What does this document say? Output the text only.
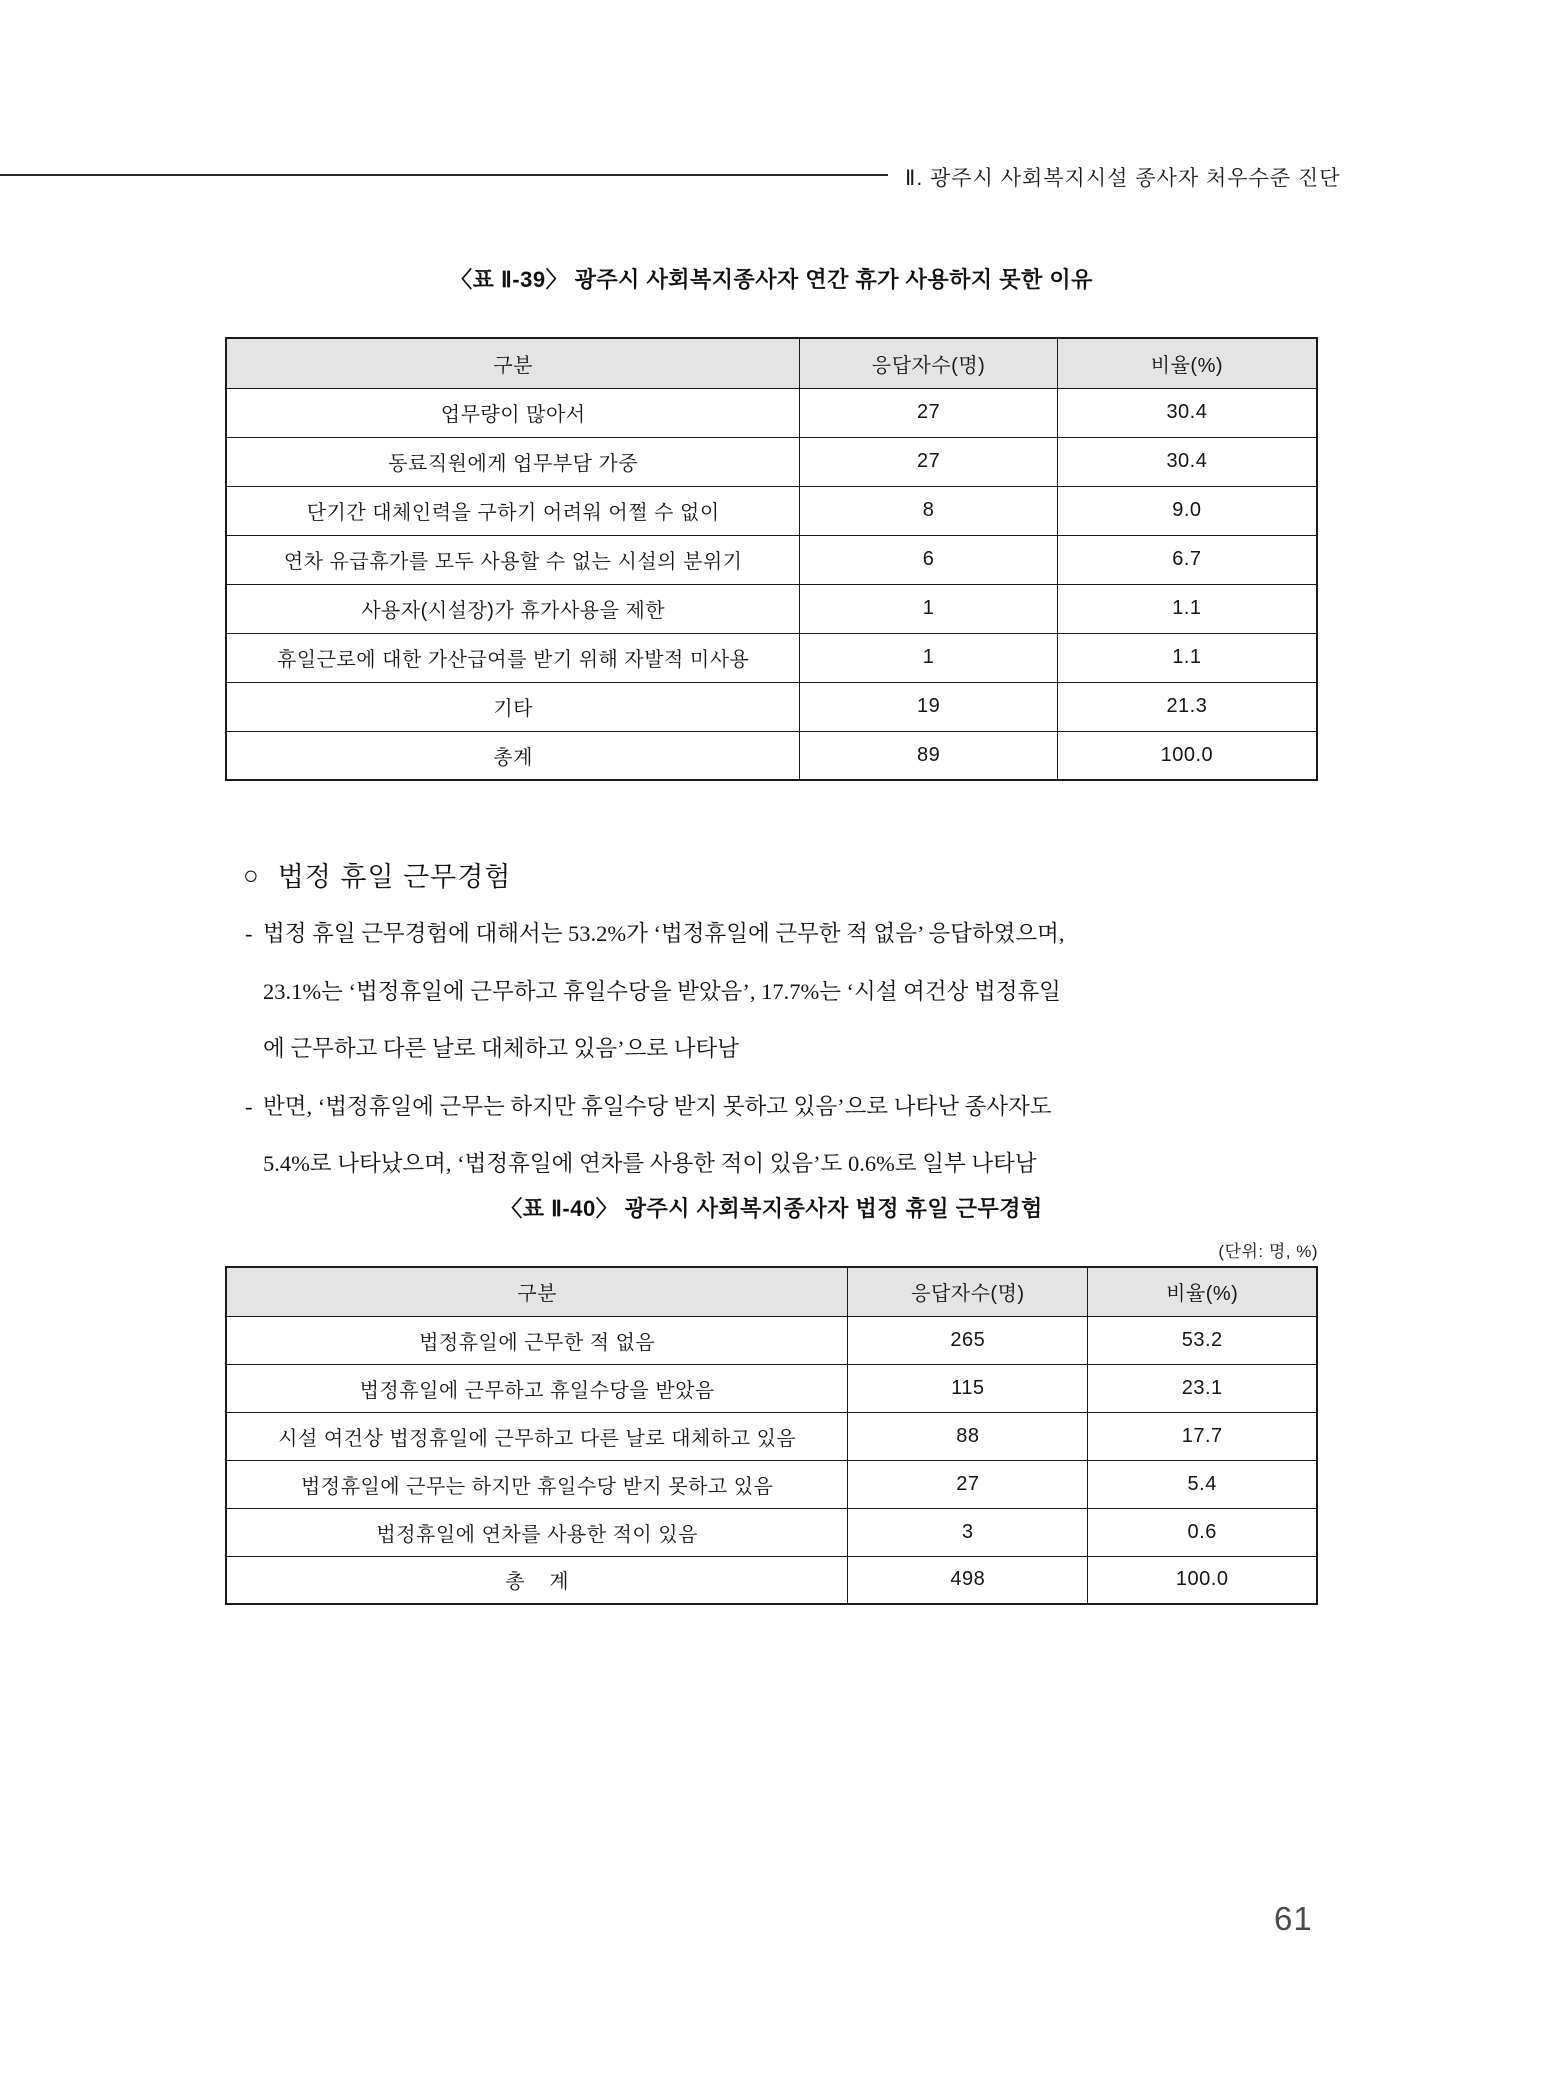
Ⅱ. 광주시 사회복지시설 종사자 처우수준 진단
〈표 Ⅱ-39〉 광주시 사회복지종사자 연간 휴가 사용하지 못한 이유
구분	응답자수(명)	비율(%)
업무량이 많아서	27	30.4
동료직원에게 업무부담 가중	27	30.4
단기간 대체인력을 구하기 어려워 어쩔 수 없이	8	9.0
연차 유급휴가를 모두 사용할 수 없는 시설의 분위기	6	6.7
사용자(시설장)가 휴가사용을 제한	1	1.1
휴일근로에 대한 가산급여를 받기 위해 자발적 미사용	1	1.1
기타	19	21.3
총계	89	100.0
○ 법정 휴일 근무경험
- 법정 휴일 근무경험에 대해서는 53.2%가 ‘법정휴일에 근무한 적 없음’ 응답하였으며,
23.1%는 ‘법정휴일에 근무하고 휴일수당을 받았음’, 17.7%는 ‘시설 여건상 법정휴일
에 근무하고 다른 날로 대체하고 있음’으로 나타남
- 반면, ‘법정휴일에 근무는 하지만 휴일수당 받지 못하고 있음’으로 나타난 종사자도
5.4%로 나타났으며, ‘법정휴일에 연차를 사용한 적이 있음’도 0.6%로 일부 나타남
〈표 Ⅱ-40〉 광주시 사회복지종사자 법정 휴일 근무경험
(단위: 명, %)
구분	응답자수(명)	비율(%)
법정휴일에 근무한 적 없음	265	53.2
법정휴일에 근무하고 휴일수당을 받았음	115	23.1
시설 여건상 법정휴일에 근무하고 다른 날로 대체하고 있음	88	17.7
법정휴일에 근무는 하지만 휴일수당 받지 못하고 있음	27	5.4
법정휴일에 연차를 사용한 적이 있음	3	0.6
총    계	498	100.0
61
